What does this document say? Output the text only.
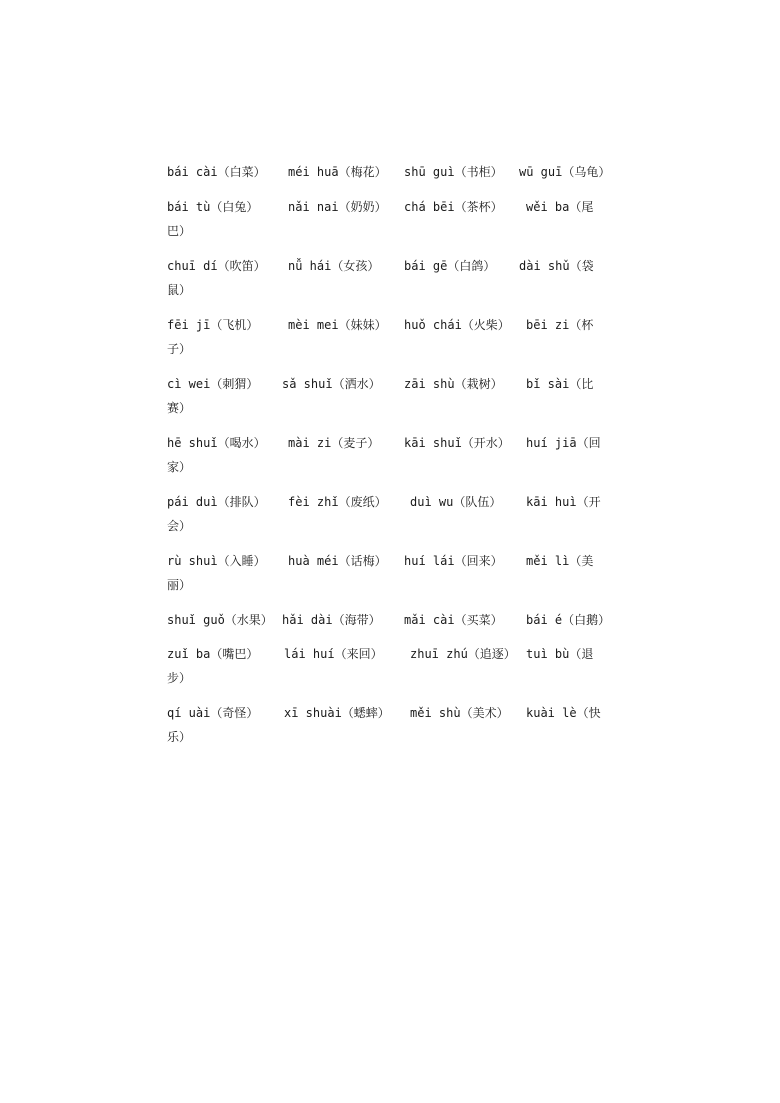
bái cài（白菜） méi huā（梅花） shū guì（书柜） wū guī（乌龟）
bái tù（白兔） nǎi nai（奶奶） chá bēi（茶杯） wěi ba（尾
巴）
chuī dí（吹笛） nǚ hái（女孩） bái gē（白鸽） dài shǔ（袋
鼠）
fēi jī（飞机） mèi mei（妹妹） huǒ chái（火柴） bēi zi（杯
子）
cì wei（刺猬） sǎ shuǐ（洒水） zāi shù（栽树） bǐ sài（比
赛）
hē shuǐ（喝水） mài zi（麦子） kāi shuǐ（开水） huí jiā（回
家）
pái duì（排队） fèi zhǐ（废纸） duì wu（队伍） kāi huì（开
会）
rù shuì（入睡） huà méi（话梅） huí lái（回来） měi lì（美
丽）
shuǐ guǒ（水果） hǎi dài（海带） mǎi cài（买菜） bái é（白鹅）
zuǐ ba（嘴巴） lái huí（来回） zhuī zhú（追逐） tuì bù（退
步）
qí uài（奇怪） xī shuài（蟋蟀） měi shù（美术） kuài lè（快
乐）
